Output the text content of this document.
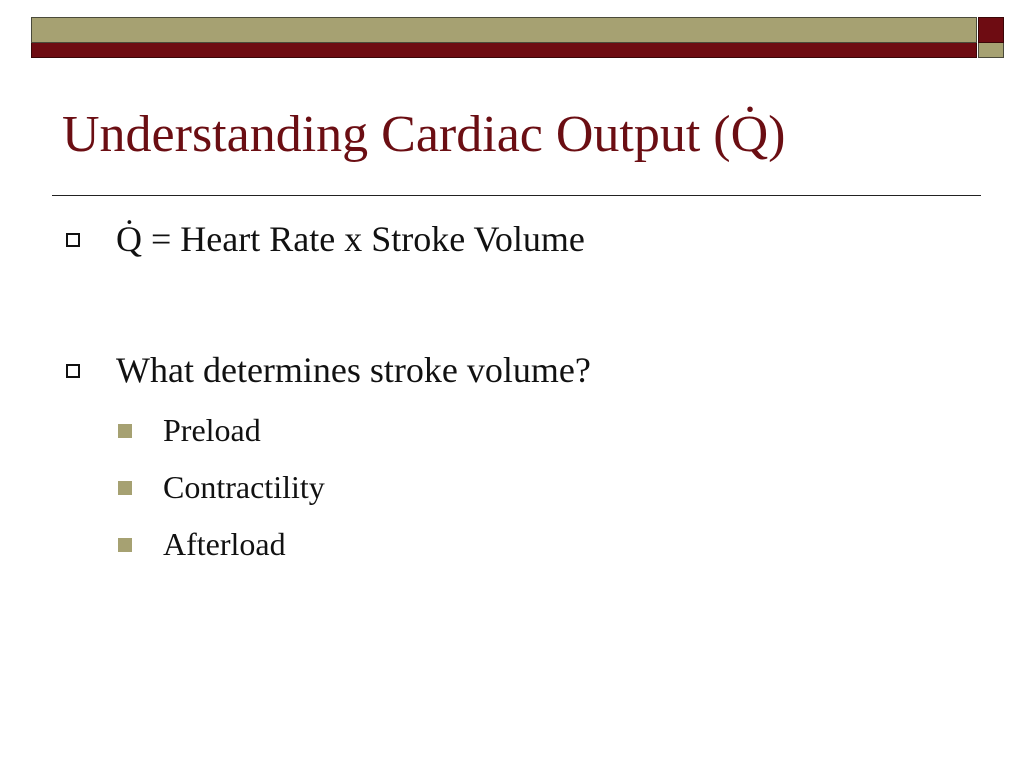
Understanding Cardiac Output (Q̇)
Q̇ = Heart Rate x Stroke Volume
What determines stroke volume?
Preload
Contractility
Afterload
